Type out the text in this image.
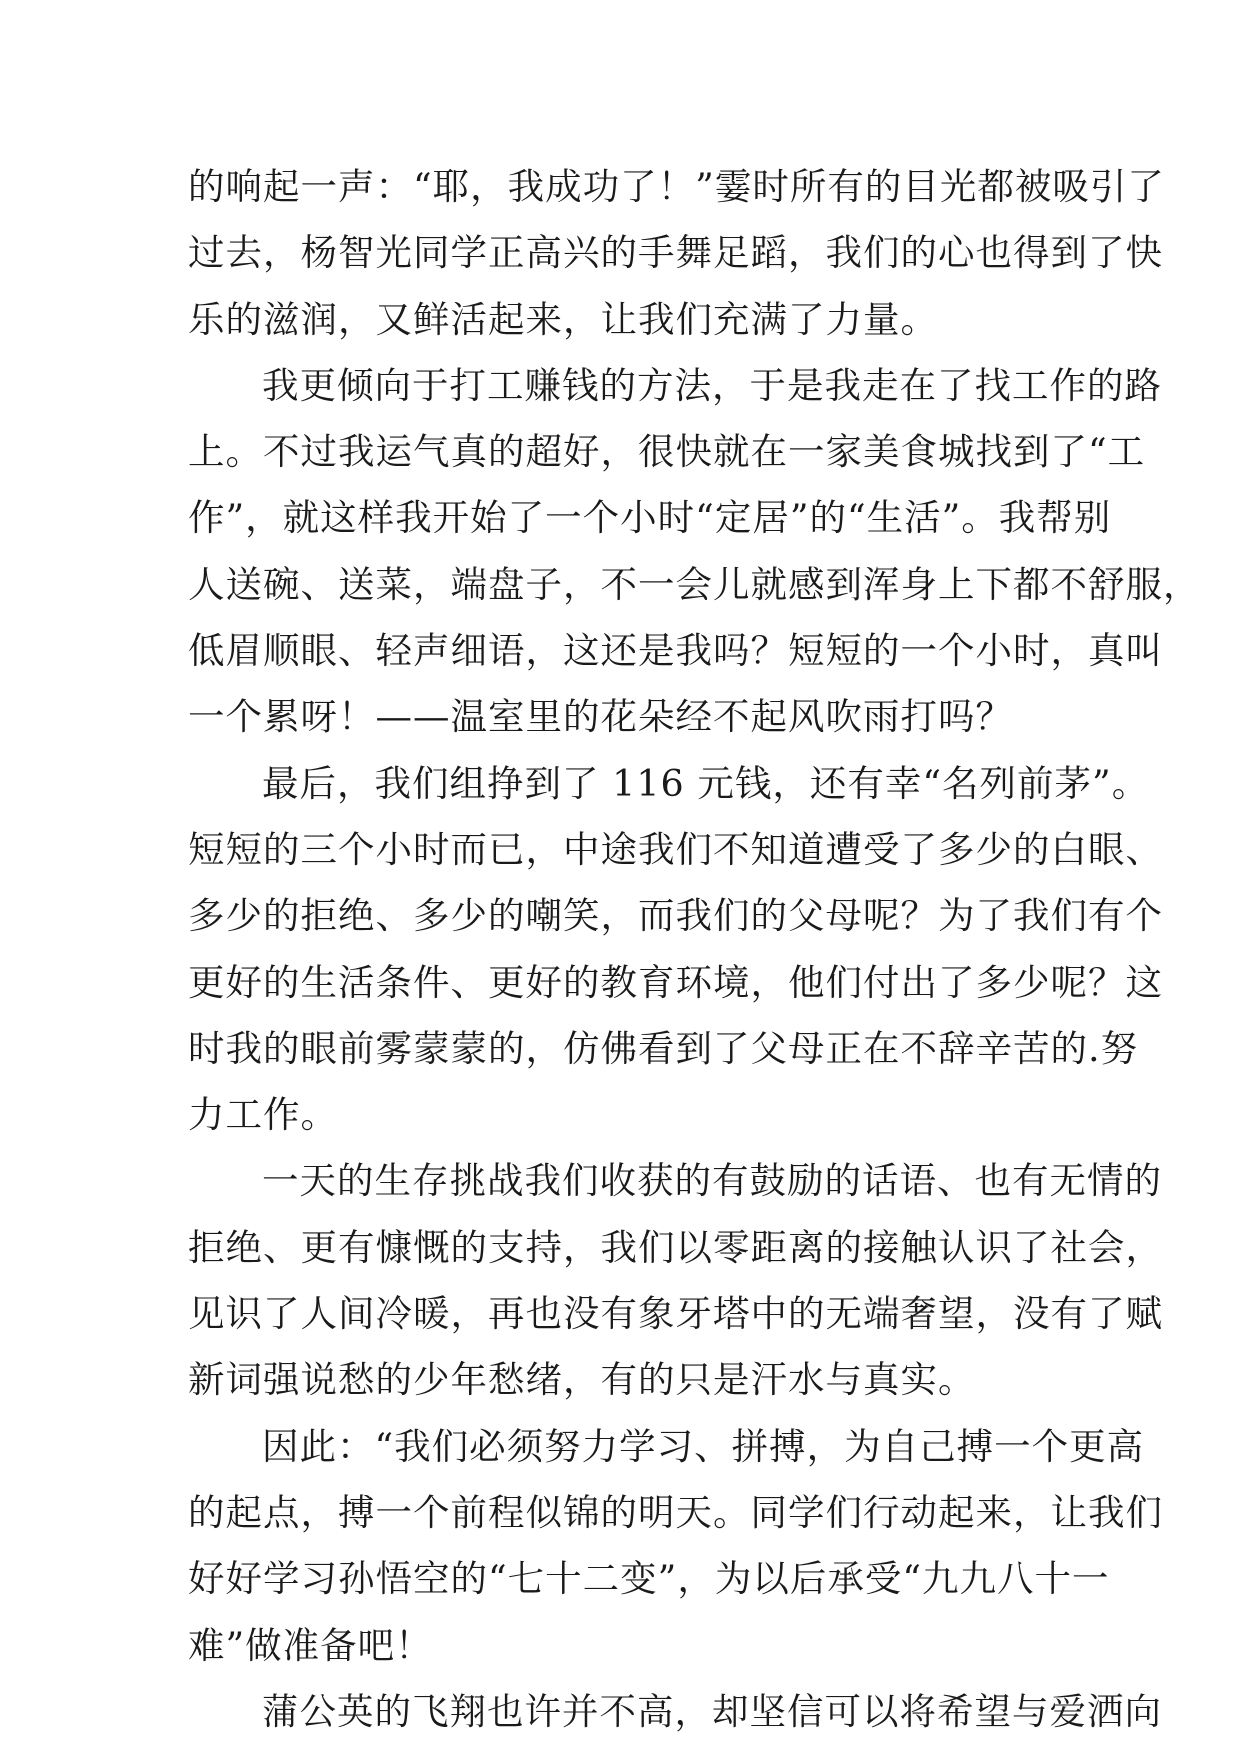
的响起一声：“耶，我成功了！”霎时所有的目光都被吸引了
过去，杨智光同学正高兴的手舞足蹈，我们的心也得到了快
乐的滋润，又鲜活起来，让我们充满了力量。
我更倾向于打工赚钱的方法，于是我走在了找工作的路
上。不过我运气真的超好，很快就在一家美食城找到了“工
作”，就这样我开始了一个小时“定居”的“生活”。我帮别
人送碗、送菜，端盘子，不一会儿就感到浑身上下都不舒服，
低眉顺眼、轻声细语，这还是我吗？短短的一个小时，真叫
一个累呀！——温室里的花朵经不起风吹雨打吗？
最后，我们组挣到了 116 元钱，还有幸“名列前茅”。
短短的三个小时而已，中途我们不知道遭受了多少的白眼、
多少的拒绝、多少的嘲笑，而我们的父母呢？为了我们有个
更好的生活条件、更好的教育环境，他们付出了多少呢？这
时我的眼前雾蒙蒙的，仿佛看到了父母正在不辞辛苦的.努
力工作。
一天的生存挑战我们收获的有鼓励的话语、也有无情的
拒绝、更有慷慨的支持，我们以零距离的接触认识了社会，
见识了人间冷暖，再也没有象牙塔中的无端奢望，没有了赋
新词强说愁的少年愁绪，有的只是汗水与真实。
因此：“我们必须努力学习、拼搏，为自己搏一个更高
的起点，搏一个前程似锦的明天。同学们行动起来，让我们
好好学习孙悟空的“七十二变”，为以后承受“九九八十一
难”做准备吧！
蒲公英的飞翔也许并不高，却坚信可以将希望与爱洒向
